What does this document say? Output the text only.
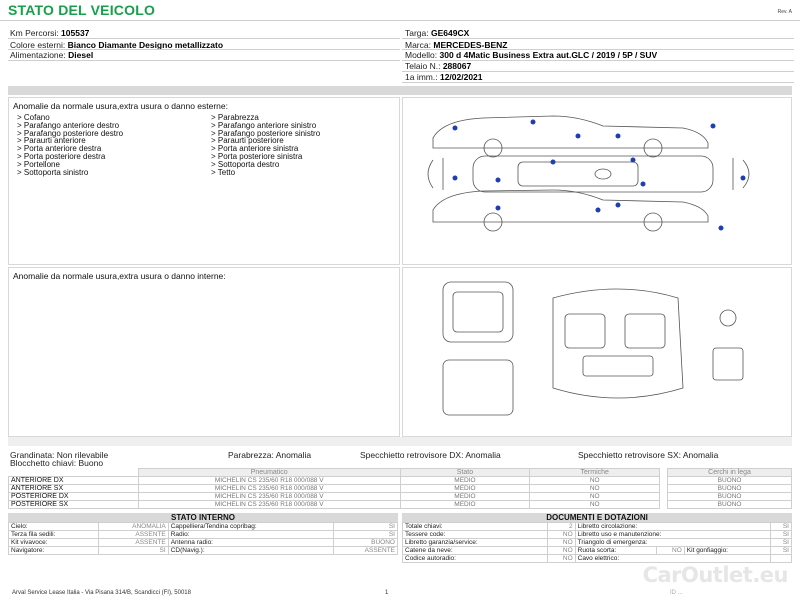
STATO DEL VEICOLO	Rev. A
Km Percorsi: 105537
Colore esterni: Bianco Diamante Designo metallizzato
Alimentazione: Diesel
Targa: GE649CX
Marca: MERCEDES-BENZ
Modello: 300 d 4Matic Business Extra aut.GLC / 2019 / 5P / SUV
Telaio N.: 288067
1a imm.: 12/02/2021
Anomalie da normale usura,extra usura o danno esterne:
> Cofano
> Parafango anteriore destro
> Parafango posteriore destro
> Paraurti anteriore
> Porta anteriore destra
> Porta posteriore destra
> Portellone
> Sottoporta sinistro
> Parabrezza
> Parafango anteriore sinistro
> Parafango posteriore sinistro
> Paraurti posteriore
> Porta anteriore sinistra
> Porta posteriore sinistra
> Sottoporta destro
> Tetto
Anomalie da normale usura,extra usura o danno interne:
Grandinata: Non rilevabile
Blocchetto chiavi: Buono
Parabrezza: Anomalia	Specchietto retrovisore DX: Anomalia	Specchietto retrovisore SX: Anomalia
	Pneumatico	Stato	Termiche		Cerchi in lega
ANTERIORE DX	MICHELIN CS 235/60 R18 000/088 V	MEDIO	NO		BUONO
ANTERIORE SX	MICHELIN CS 235/60 R18 000/088 V	MEDIO	NO		BUONO
POSTERIORE DX	MICHELIN CS 235/60 R18 000/088 V	MEDIO	NO		BUONO
POSTERIORE SX	MICHELIN CS 235/60 R18 000/088 V	MEDIO	NO		BUONO
STATO INTERNO
Cielo:	ANOMALIA	Cappelliera/Tendina copribag:	SI
Terza fila sedili:	ASSENTE	Radio:	SI
Kit vivavoce:	ASSENTE	Antenna radio:	BUONO
Navigatore:	SI	CD(Navig.):	ASSENTE
DOCUMENTI E DOTAZIONI
Totale chiavi:	2	Libretto circolazione:			SI
Tessere code:	NO	Libretto uso e manutenzione:			SI
Libretto garanzia/service:	NO	Triangolo di emergenza:			SI
Catene da neve:	NO	Ruota scorta:	NO	Kit gonfiaggio:	SI
Codice autoradio:	NO	Cavo elettrico:			
Arval Service Lease Italia - Via Pisana 314/B, Scandicci (FI), 50018	1	ID ...
CarOutlet.eu
